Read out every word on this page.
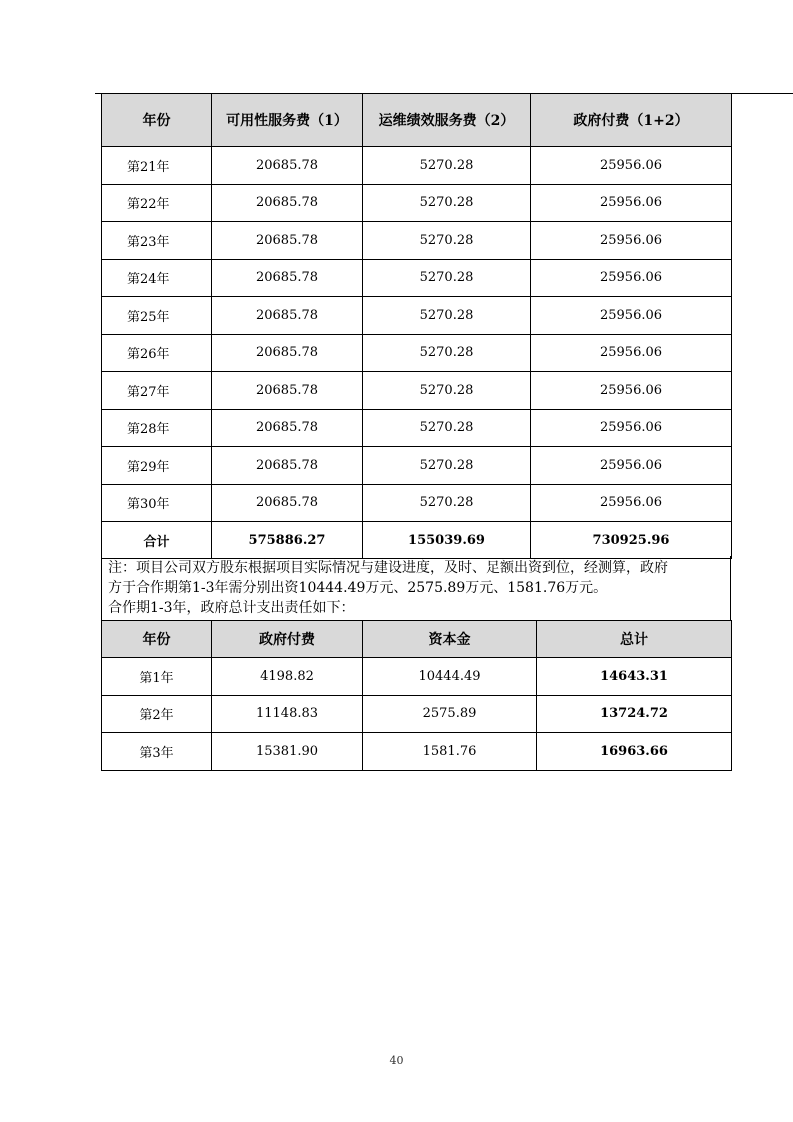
年份	可用性服务费（1）	运维绩效服务费（2）	政府付费（1+2）
第21年	20685.78	5270.28	25956.06
第22年	20685.78	5270.28	25956.06
第23年	20685.78	5270.28	25956.06
第24年	20685.78	5270.28	25956.06
第25年	20685.78	5270.28	25956.06
第26年	20685.78	5270.28	25956.06
第27年	20685.78	5270.28	25956.06
第28年	20685.78	5270.28	25956.06
第29年	20685.78	5270.28	25956.06
第30年	20685.78	5270.28	25956.06
合计	575886.27	155039.69	730925.96

注：项目公司双方股东根据项目实际情况与建设进度，及时、足额出资到位，经测算，政府

方于合作期第1-3年需分别出资10444.49万元、2575.89万元、1581.76万元。

合作期1-3年，政府总计支出责任如下：

年份	政府付费	资本金	总计
第1年	4198.82	10444.49	14643.31
第2年	11148.83	2575.89	13724.72
第3年	15381.90	1581.76	16963.66
40
